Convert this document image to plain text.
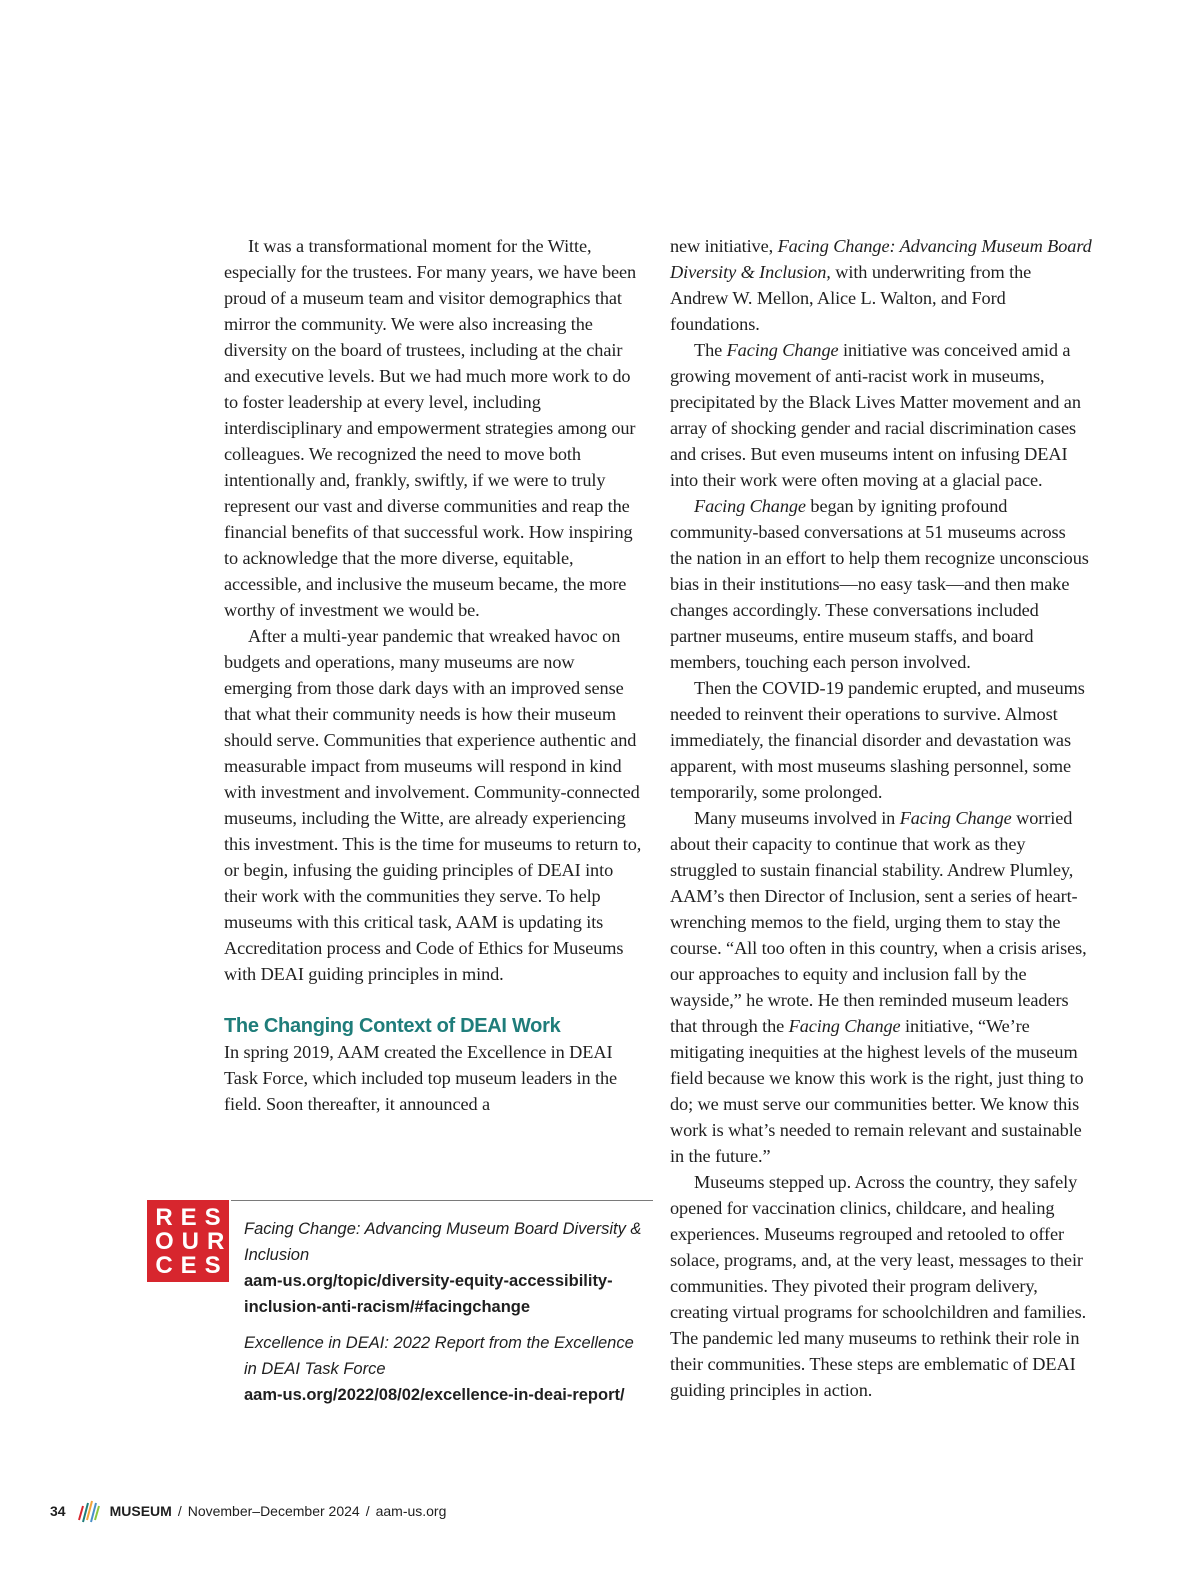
It was a transformational moment for the Witte, especially for the trustees. For many years, we have been proud of a museum team and visitor demographics that mirror the community. We were also increasing the diversity on the board of trustees, including at the chair and executive levels. But we had much more work to do to foster leadership at every level, including interdisciplinary and empowerment strategies among our colleagues. We recognized the need to move both intentionally and, frankly, swiftly, if we were to truly represent our vast and diverse communities and reap the financial benefits of that successful work. How inspiring to acknowledge that the more diverse, equitable, accessible, and inclusive the museum became, the more worthy of investment we would be.

After a multi-year pandemic that wreaked havoc on budgets and operations, many museums are now emerging from those dark days with an improved sense that what their community needs is how their museum should serve. Communities that experience authentic and measurable impact from museums will respond in kind with investment and involvement. Community-connected museums, including the Witte, are already experiencing this investment. This is the time for museums to return to, or begin, infusing the guiding principles of DEAI into their work with the communities they serve. To help museums with this critical task, AAM is updating its Accreditation process and Code of Ethics for Museums with DEAI guiding principles in mind.

The Changing Context of DEAI Work

In spring 2019, AAM created the Excellence in DEAI Task Force, which included top museum leaders in the field. Soon thereafter, it announced a

new initiative, Facing Change: Advancing Museum Board Diversity & Inclusion, with underwriting from the Andrew W. Mellon, Alice L. Walton, and Ford foundations.

The Facing Change initiative was conceived amid a growing movement of anti-racist work in museums, precipitated by the Black Lives Matter movement and an array of shocking gender and racial discrimination cases and crises. But even museums intent on infusing DEAI into their work were often moving at a glacial pace.

Facing Change began by igniting profound community-based conversations at 51 museums across the nation in an effort to help them recognize unconscious bias in their institutions—no easy task—and then make changes accordingly. These conversations included partner museums, entire museum staffs, and board members, touching each person involved.

Then the COVID-19 pandemic erupted, and museums needed to reinvent their operations to survive. Almost immediately, the financial disorder and devastation was apparent, with most museums slashing personnel, some temporarily, some prolonged.

Many museums involved in Facing Change worried about their capacity to continue that work as they struggled to sustain financial stability. Andrew Plumley, AAM’s then Director of Inclusion, sent a series of heart-wrenching memos to the field, urging them to stay the course. “All too often in this country, when a crisis arises, our approaches to equity and inclusion fall by the wayside,” he wrote. He then reminded museum leaders that through the Facing Change initiative, “We’re mitigating inequities at the highest levels of the museum field because we know this work is the right, just thing to do; we must serve our communities better. We know this work is what’s needed to remain relevant and sustainable in the future.”

Museums stepped up. Across the country, they safely opened for vaccination clinics, childcare, and healing experiences. Museums regrouped and retooled to offer solace, programs, and, at the very least, messages to their communities. They pivoted their program delivery, creating virtual programs for schoolchildren and families. The pandemic led many museums to rethink their role in their communities. These steps are emblematic of DEAI guiding principles in action.

RES
OUR
CES
Facing Change: Advancing Museum Board Diversity & Inclusion
aam-us.org/topic/diversity-equity-accessibility-inclusion-anti-racism/#facingchange
Excellence in DEAI: 2022 Report from the Excellence in DEAI Task Force
aam-us.org/2022/08/02/excellence-in-deai-report/
34	MUSEUM / November–December 2024 / aam-us.org
